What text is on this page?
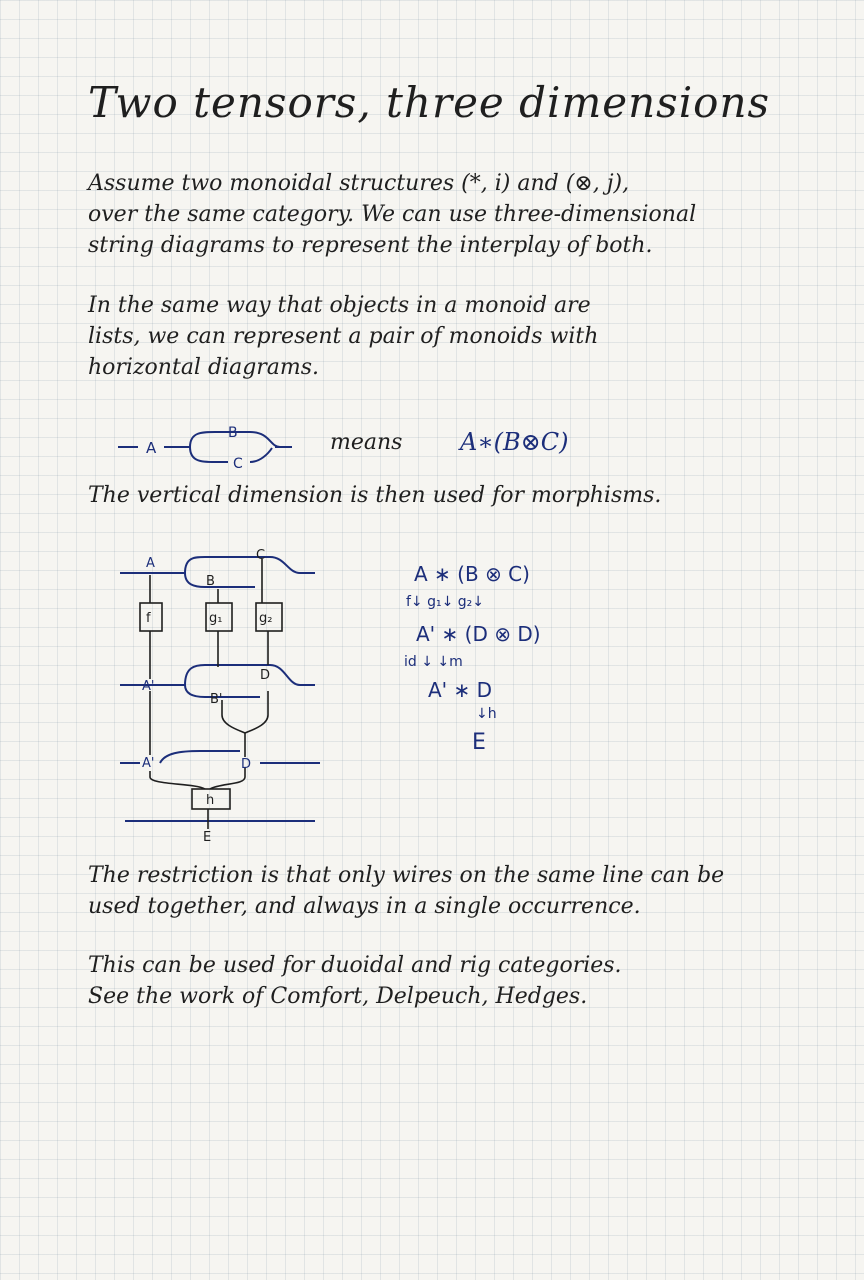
Two tensors, three dimensions

Assume two monoidal structures (*, i) and (⊗, j),
over the same category. We can use three-dimensional
string diagrams to represent the interplay of both.

In the same way that objects in a monoid are
lists, we can represent a pair of monoids with
horizontal diagrams.

A
B
C
means A∗(B⊗C)

The vertical dimension is then used for morphisms.

A
B
C
f	g₁	g₂
A'
B'
D
A'	D
h
E
A ∗ (B ⊗ C)
f↓ g₁↓ g₂↓
A' ∗ (D ⊗ D)
id ↓ ↓m
A' ∗ D
↓h
E

The restriction is that only wires on the same line can be
used together, and always in a single occurrence.

This can be used for duoidal and rig categories.
See the work of Comfort, Delpeuch, Hedges.
